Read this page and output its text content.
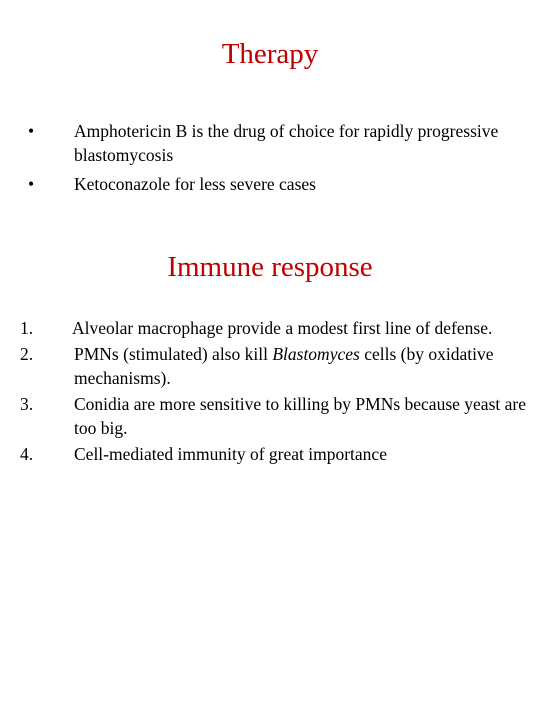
Therapy
• Amphotericin B is the drug of choice for rapidly progressive blastomycosis
• Ketoconazole for less severe cases
Immune response
1. Alveolar macrophage provide a modest first line of defense.
2. PMNs (stimulated) also kill Blastomyces cells (by oxidative mechanisms).
3. Conidia are more sensitive to killing by PMNs because yeast are too big.
4. Cell-mediated immunity of great importance
